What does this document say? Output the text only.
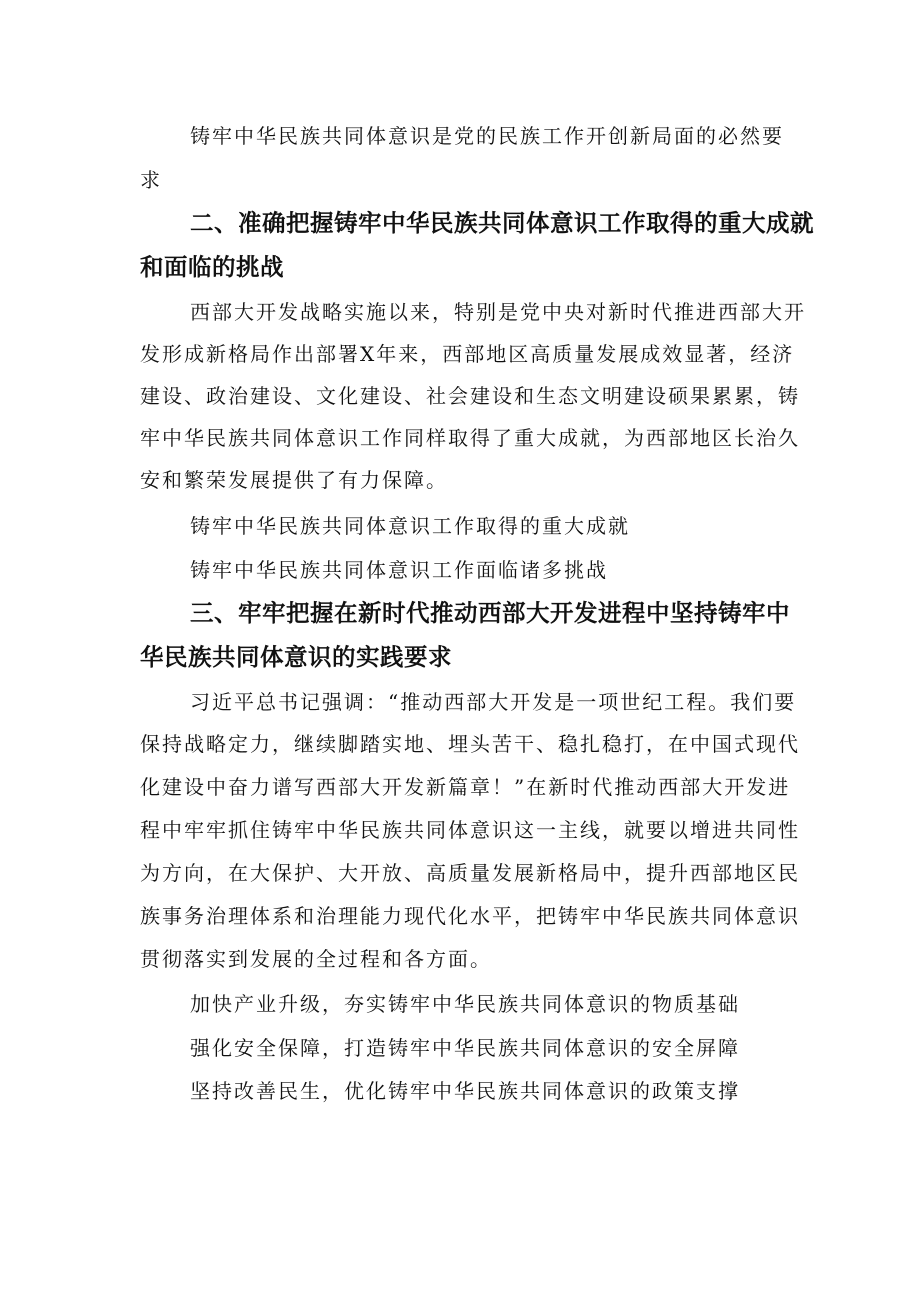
铸牢中华民族共同体意识是党的民族工作开创新局面的必然要
求
二、准确把握铸牢中华民族共同体意识工作取得的重大成就
和面临的挑战
西部大开发战略实施以来，特别是党中央对新时代推进西部大开
发形成新格局作出部署X年来，西部地区高质量发展成效显著，经济
建设、政治建设、文化建设、社会建设和生态文明建设硕果累累，铸
牢中华民族共同体意识工作同样取得了重大成就，为西部地区长治久
安和繁荣发展提供了有力保障。
铸牢中华民族共同体意识工作取得的重大成就
铸牢中华民族共同体意识工作面临诸多挑战
三、牢牢把握在新时代推动西部大开发进程中坚持铸牢中
华民族共同体意识的实践要求
习近平总书记强调：“推动西部大开发是一项世纪工程。我们要
保持战略定力，继续脚踏实地、埋头苦干、稳扎稳打，在中国式现代
化建设中奋力谱写西部大开发新篇章！”在新时代推动西部大开发进
程中牢牢抓住铸牢中华民族共同体意识这一主线，就要以增进共同性
为方向，在大保护、大开放、高质量发展新格局中，提升西部地区民
族事务治理体系和治理能力现代化水平，把铸牢中华民族共同体意识
贯彻落实到发展的全过程和各方面。
加快产业升级，夯实铸牢中华民族共同体意识的物质基础
强化安全保障，打造铸牢中华民族共同体意识的安全屏障
坚持改善民生，优化铸牢中华民族共同体意识的政策支撑
